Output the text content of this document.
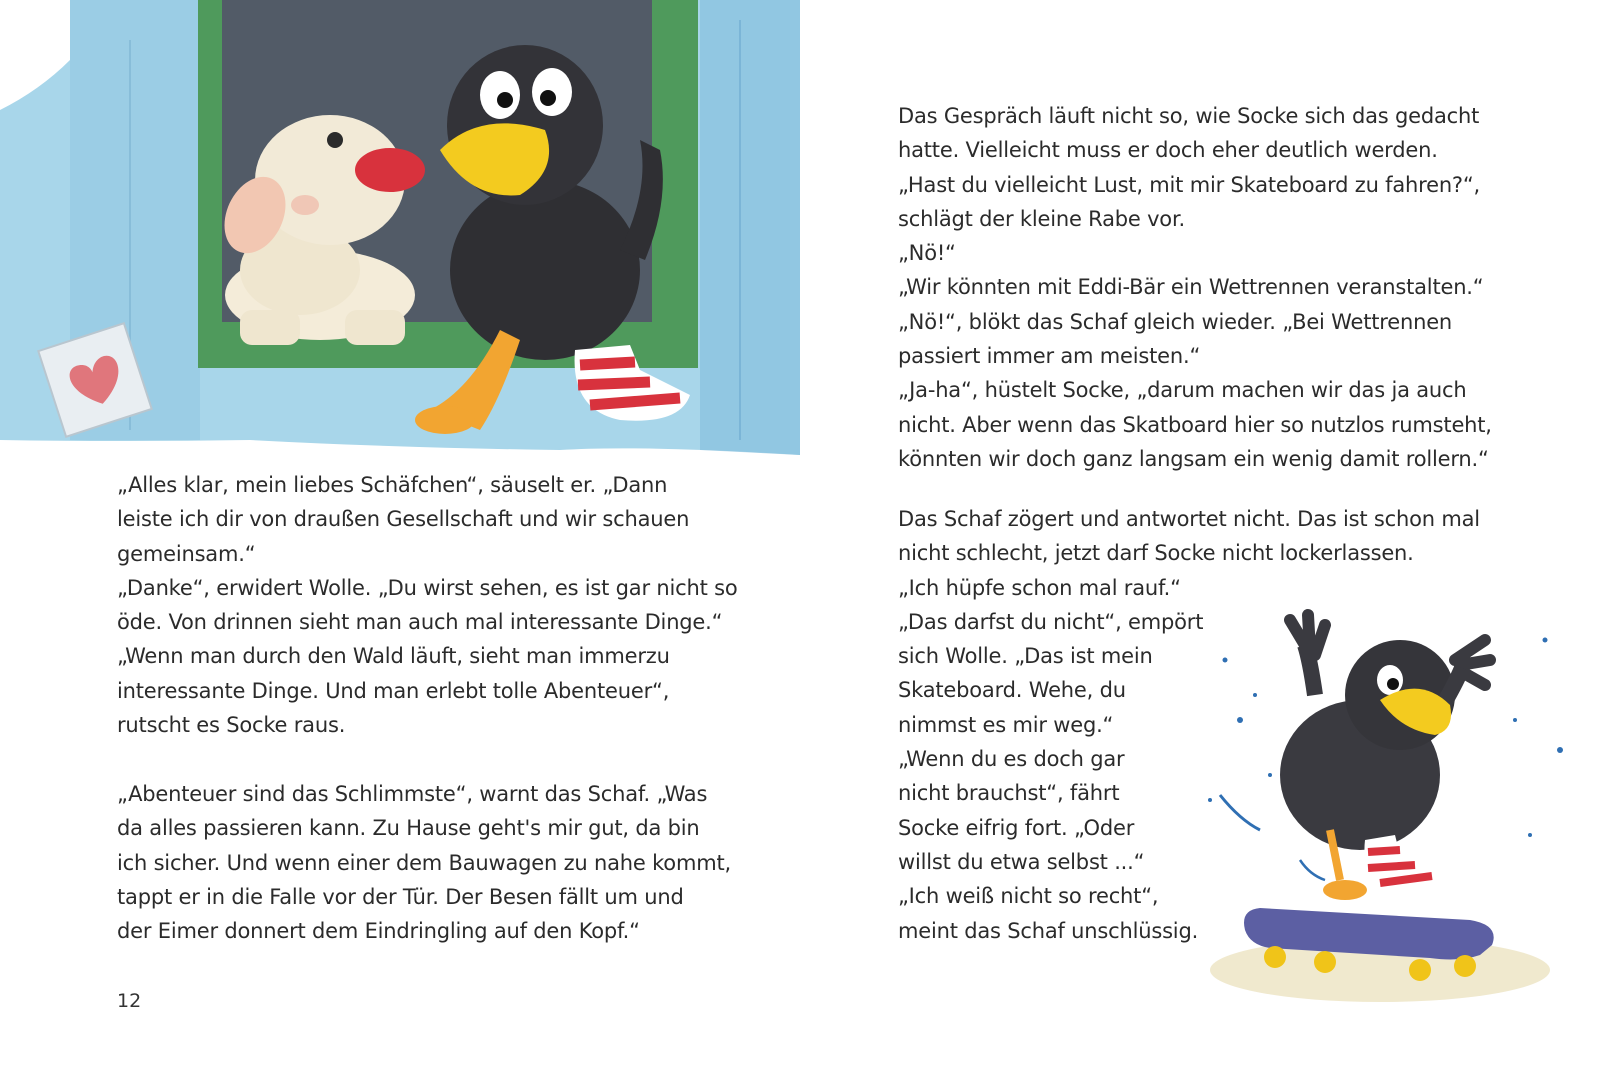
„Alles klar, mein liebes Schäfchen“, säuselt er. „Dann
leiste ich dir von draußen Gesellschaft und wir schauen
gemeinsam.“
„Danke“, erwidert Wolle. „Du wirst sehen, es ist gar nicht so
öde. Von drinnen sieht man auch mal interessante Dinge.“
„Wenn man durch den Wald läuft, sieht man immerzu
interessante Dinge. Und man erlebt tolle Abenteuer“,
rutscht es Socke raus.
„Abenteuer sind das Schlimmste“, warnt das Schaf. „Was
da alles passieren kann. Zu Hause geht's mir gut, da bin
ich sicher. Und wenn einer dem Bauwagen zu nahe kommt,
tappt er in die Falle vor der Tür. Der Besen fällt um und
der Eimer donnert dem Eindringling auf den Kopf.“
12
Das Gespräch läuft nicht so, wie Socke sich das gedacht
hatte. Vielleicht muss er doch eher deutlich werden.
„Hast du vielleicht Lust, mit mir Skateboard zu fahren?“,
schlägt der kleine Rabe vor.
„Nö!“
„Wir könnten mit Eddi-Bär ein Wettrennen veranstalten.“
„Nö!“, blökt das Schaf gleich wieder. „Bei Wettrennen
passiert immer am meisten.“
„Ja-ha“, hüstelt Socke, „darum machen wir das ja auch
nicht. Aber wenn das Skatboard hier so nutzlos rumsteht,
könnten wir doch ganz langsam ein wenig damit rollern.“
Das Schaf zögert und antwortet nicht. Das ist schon mal
nicht schlecht, jetzt darf Socke nicht lockerlassen.
„Ich hüpfe schon mal rauf.“
„Das darfst du nicht“, empört
sich Wolle. „Das ist mein
Skateboard. Wehe, du
nimmst es mir weg.“
„Wenn du es doch gar
nicht brauchst“, fährt
Socke eifrig fort. „Oder
willst du etwa selbst ...“
„Ich weiß nicht so recht“,
meint das Schaf unschlüssig.
